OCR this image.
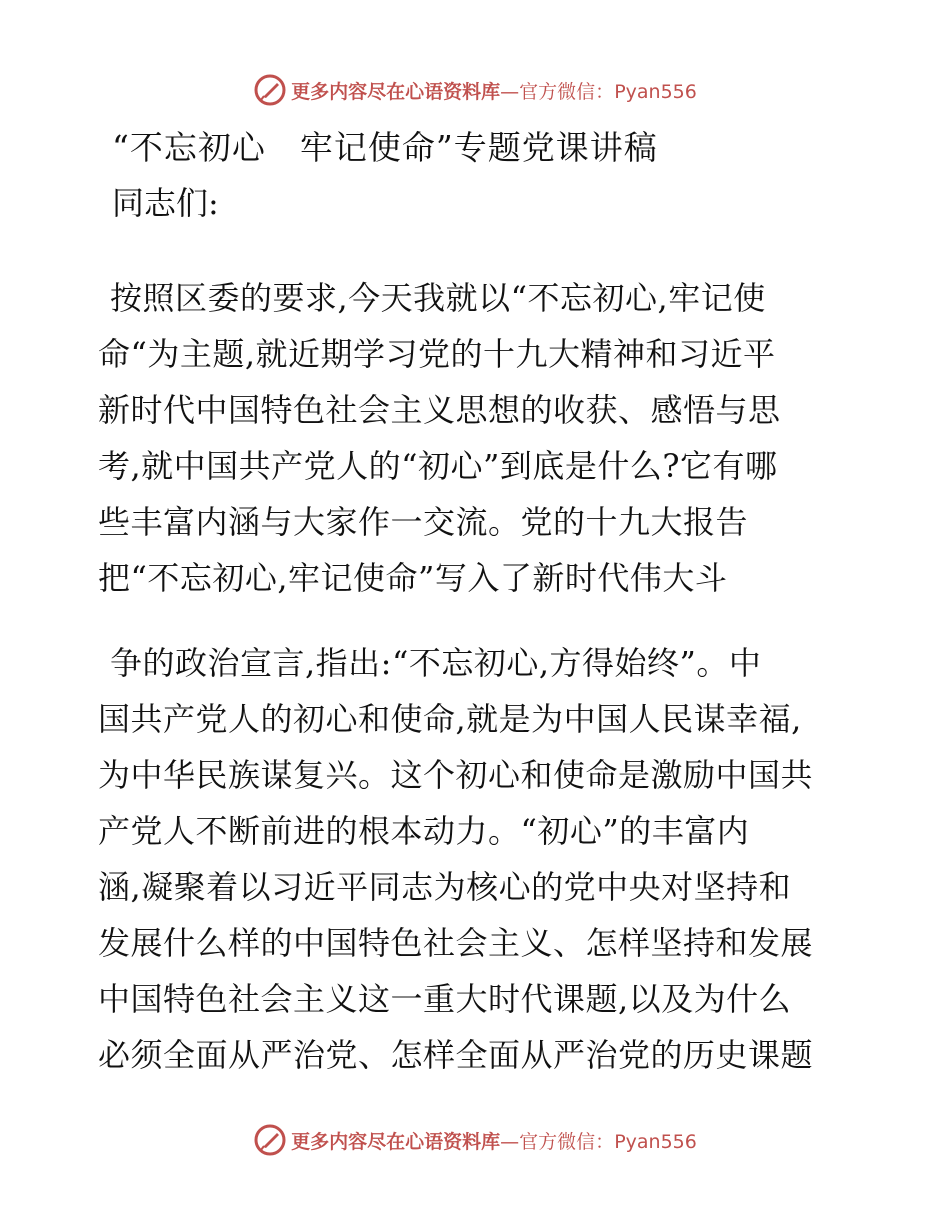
更多内容尽在心语资料库—官方微信：Pyan556
“不忘初心　牢记使命”专题党课讲稿
同志们:
按照区委的要求,今天我就以“不忘初心,牢记使
命“为主题,就近期学习党的十九大精神和习近平
新时代中国特色社会主义思想的收获、感悟与思
考,就中国共产党人的“初心”到底是什么?它有哪
些丰富内涵与大家作一交流。党的十九大报告
把“不忘初心,牢记使命”写入了新时代伟大斗
争的政治宣言,指出:“不忘初心,方得始终”。中
国共产党人的初心和使命,就是为中国人民谋幸福,
为中华民族谋复兴。这个初心和使命是激励中国共
产党人不断前进的根本动力。“初心”的丰富内
涵,凝聚着以习近平同志为核心的党中央对坚持和
发展什么样的中国特色社会主义、怎样坚持和发展
中国特色社会主义这一重大时代课题,以及为什么
必须全面从严治党、怎样全面从严治党的历史课题
更多内容尽在心语资料库—官方微信：Pyan556
